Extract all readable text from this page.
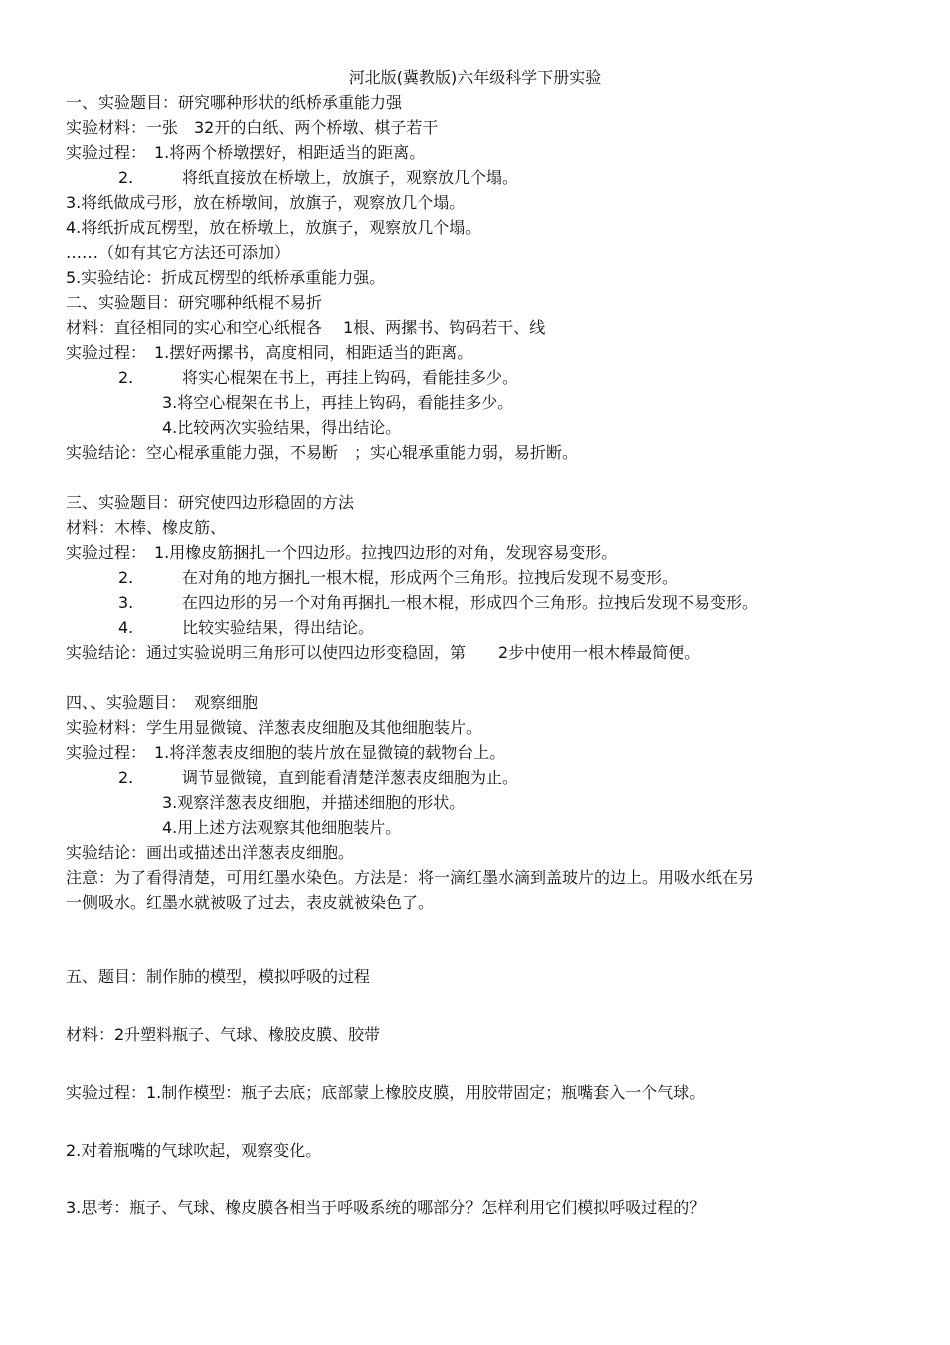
河北版(冀教版)六年级科学下册实验
一、实验题目：研究哪种形状的纸桥承重能力强
实验材料：一张　32开的白纸、两个桥墩、棋子若干
实验过程：　1.将两个桥墩摆好，相距适当的距离。
2.	将纸直接放在桥墩上，放旗子，观察放几个塌。
3.将纸做成弓形，放在桥墩间，放旗子，观察放几个塌。
4.将纸折成瓦楞型，放在桥墩上，放旗子，观察放几个塌。
……（如有其它方法还可添加）
5.实验结论：折成瓦楞型的纸桥承重能力强。
二、实验题目：研究哪种纸棍不易折
材料：直径相同的实心和空心纸棍各　 1根、两摞书、钩码若干、线
实验过程：　1.摆好两摞书，高度相同，相距适当的距离。
2.	将实心棍架在书上，再挂上钩码，看能挂多少。
3.将空心棍架在书上，再挂上钩码，看能挂多少。
4.比较两次实验结果，得出结论。
实验结论：空心棍承重能力强，不易断　；实心辊承重能力弱，易折断。
三、实验题目：研究使四边形稳固的方法
材料：木棒、橡皮筋、
实验过程：　1.用橡皮筋捆扎一个四边形。拉拽四边形的对角，发现容易变形。
2.	在对角的地方捆扎一根木棍，形成两个三角形。拉拽后发现不易变形。
3.	在四边形的另一个对角再捆扎一根木棍，形成四个三角形。拉拽后发现不易变形。
4.	比较实验结果，得出结论。
实验结论：通过实验说明三角形可以使四边形变稳固，第　　2步中使用一根木棒最简便。
四、、实验题目：　观察细胞
实验材料：学生用显微镜、洋葱表皮细胞及其他细胞装片。
实验过程：　1.将洋葱表皮细胞的装片放在显微镜的载物台上。
2.	调节显微镜，直到能看清楚洋葱表皮细胞为止。
3.观察洋葱表皮细胞，并描述细胞的形状。
4.用上述方法观察其他细胞装片。
实验结论：画出或描述出洋葱表皮细胞。
注意：为了看得清楚，可用红墨水染色。方法是：将一滴红墨水滴到盖玻片的边上。用吸水纸在另
一侧吸水。红墨水就被吸了过去，表皮就被染色了。
五、题目：制作肺的模型，模拟呼吸的过程
材料：2升塑料瓶子、气球、橡胶皮膜、胶带
实验过程：1.制作模型：瓶子去底；底部蒙上橡胶皮膜，用胶带固定；瓶嘴套入一个气球。
2.对着瓶嘴的气球吹起，观察变化。
3.思考：瓶子、气球、橡皮膜各相当于呼吸系统的哪部分？怎样利用它们模拟呼吸过程的？
